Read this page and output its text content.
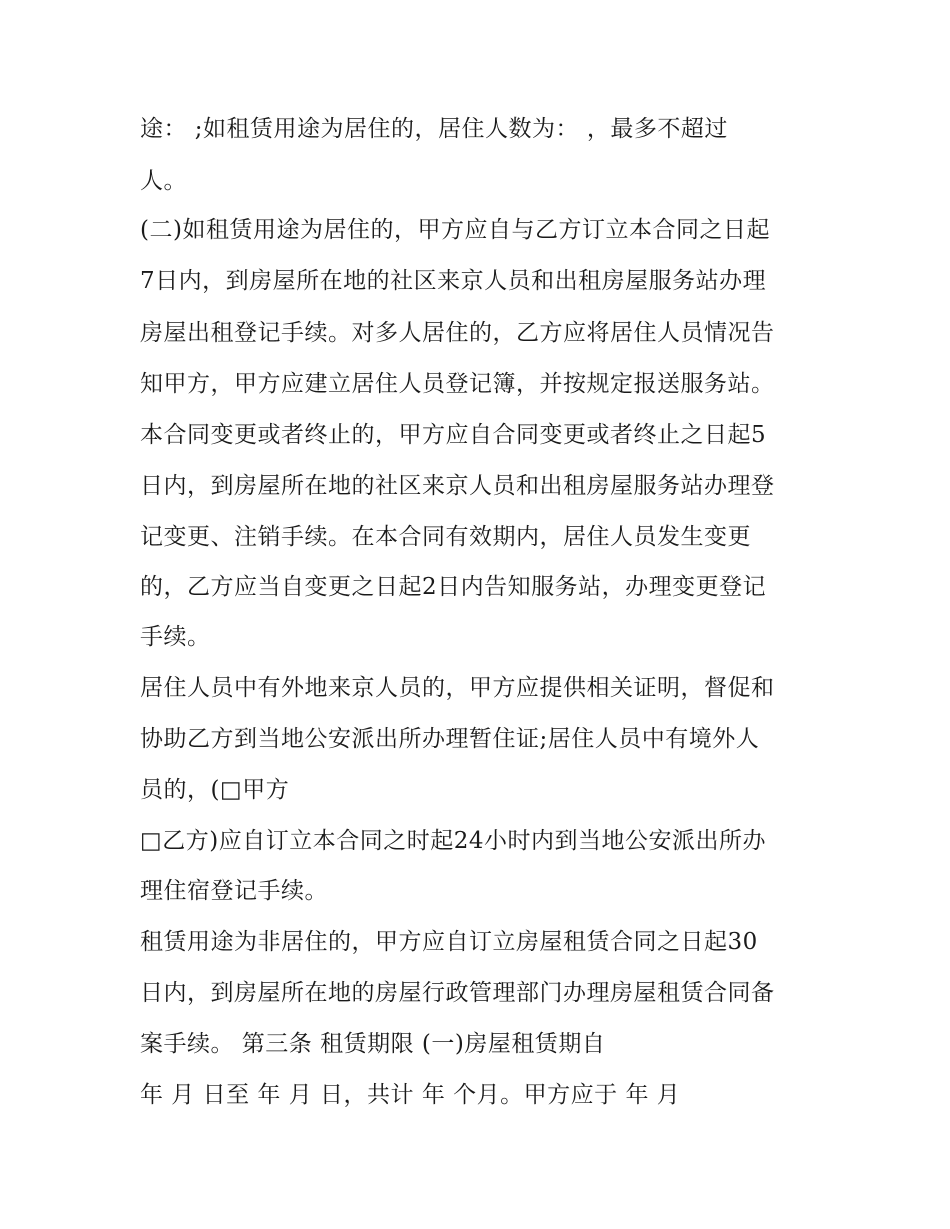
途： ;如租赁用途为居住的，居住人数为： ，最多不超过
人。
(二)如租赁用途为居住的，甲方应自与乙方订立本合同之日起
7日内，到房屋所在地的社区来京人员和出租房屋服务站办理
房屋出租登记手续。对多人居住的，乙方应将居住人员情况告
知甲方，甲方应建立居住人员登记簿，并按规定报送服务站。
本合同变更或者终止的，甲方应自合同变更或者终止之日起5
日内，到房屋所在地的社区来京人员和出租房屋服务站办理登
记变更、注销手续。在本合同有效期内，居住人员发生变更
的，乙方应当自变更之日起2日内告知服务站，办理变更登记
手续。
居住人员中有外地来京人员的，甲方应提供相关证明，督促和
协助乙方到当地公安派出所办理暂住证;居住人员中有境外人
员的，(□甲方
□乙方)应自订立本合同之时起24小时内到当地公安派出所办
理住宿登记手续。
租赁用途为非居住的，甲方应自订立房屋租赁合同之日起30
日内，到房屋所在地的房屋行政管理部门办理房屋租赁合同备
案手续。 第三条 租赁期限 (一)房屋租赁期自
年 月 日至 年 月 日，共计 年 个月。甲方应于 年 月
